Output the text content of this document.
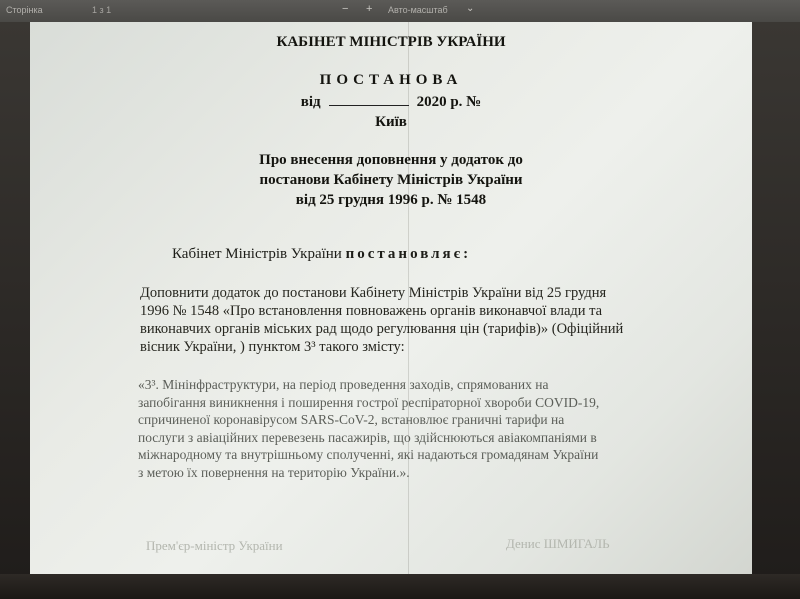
Сторінка	1 з 1	− + Авто-масштаб ⌄
КАБІНЕТ МІНІСТРІВ УКРАЇНИ
ПОСТАНОВА
від	2020 р. №
Київ
Про внесення доповнення у додаток до
постанови Кабінету Міністрів України
від 25 грудня 1996 р. № 1548
Кабінет Міністрів України постановляє:
Доповнити додаток до постанови Кабінету Міністрів України від 25 грудня
1996 № 1548 «Про встановлення повноважень органів виконавчої влади та
виконавчих органів міських рад щодо регулювання цін (тарифів)» (Офіційний
вісник України, ) пунктом 3³ такого змісту:
«3³. Мінінфраструктури, на період проведення заходів, спрямованих на
запобігання виникнення і поширення гострої респіраторної хвороби COVID-19,
спричиненої коронавірусом SARS-CoV-2, встановлює граничні тарифи на
послуги з авіаційних перевезень пасажирів, що здійснюються авіакомпаніями в
міжнародному та внутрішньому сполученні, які надаються громадянам України
з метою їх повернення на територію України.».
Прем'єр-міністр України	Денис ШМИГАЛЬ
